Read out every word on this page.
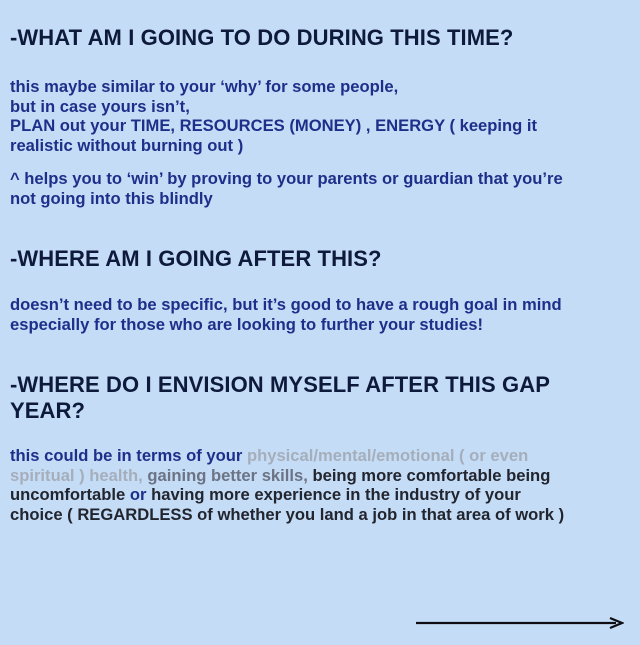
-WHAT AM I GOING TO DO DURING THIS TIME?
this maybe similar to your ‘why’ for some people,
but in case yours isn’t,
PLAN out your TIME, RESOURCES (MONEY) , ENERGY ( keeping it
realistic without burning out )
^ helps you to ‘win’ by proving to your parents or guardian that you’re
not going into this blindly
-WHERE AM I GOING AFTER THIS?
doesn’t need to be specific, but it’s good to have a rough goal in mind
especially for those who are looking to further your studies!
-WHERE DO I ENVISION MYSELF AFTER THIS GAP
YEAR?
this could be in terms of your physical/mental/emotional ( or even
spiritual ) health, gaining better skills, being more comfortable being
uncomfortable or having more experience in the industry of your
choice ( REGARDLESS of whether you land a job in that area of work )
